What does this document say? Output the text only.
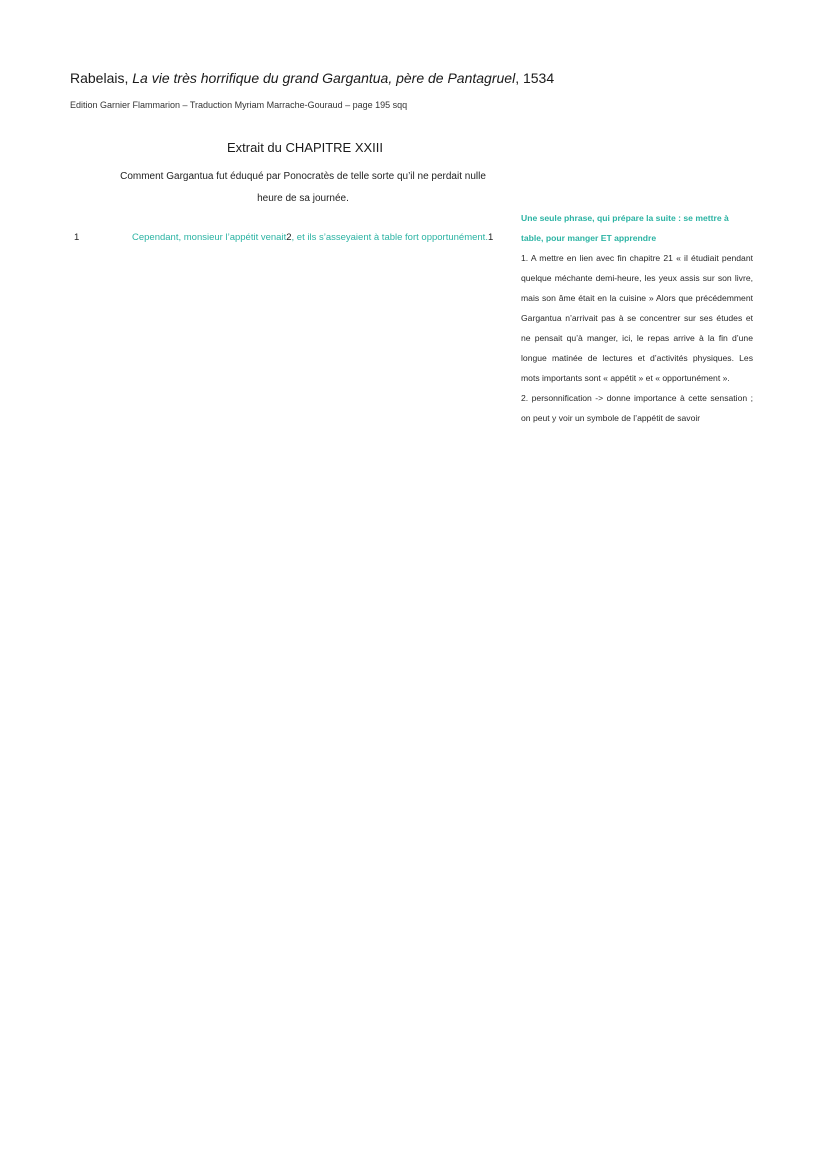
Rabelais, La vie très horrifique du grand Gargantua, père de Pantagruel, 1534
Edition Garnier Flammarion – Traduction Myriam Marrache-Gouraud – page 195 sqq
Extrait du CHAPITRE XXIII
Comment Gargantua fut éduqué par Ponocratès de telle sorte qu’il ne perdait nulle
heure de sa journée.
1	Cependant, monsieur l’appétit venait2, et ils s’asseyaient à table fort opportunément.1
Une seule phrase, qui prépare la suite : se mettre à table, pour manger ET apprendre
1. A mettre en lien avec fin chapitre 21 « il étudiait pendant quelque méchante demi-heure, les yeux assis sur son livre, mais son âme était en la cuisine » Alors que précédemment Gargantua n’arrivait pas à se concentrer sur ses études et ne pensait qu’à manger, ici, le repas arrive à la fin d’une longue matinée de lectures et d’activités physiques. Les mots importants sont « appétit » et « opportunément ».
2. personnification -> donne importance à cette sensation ; on peut y voir un symbole de l’appétit de savoir
